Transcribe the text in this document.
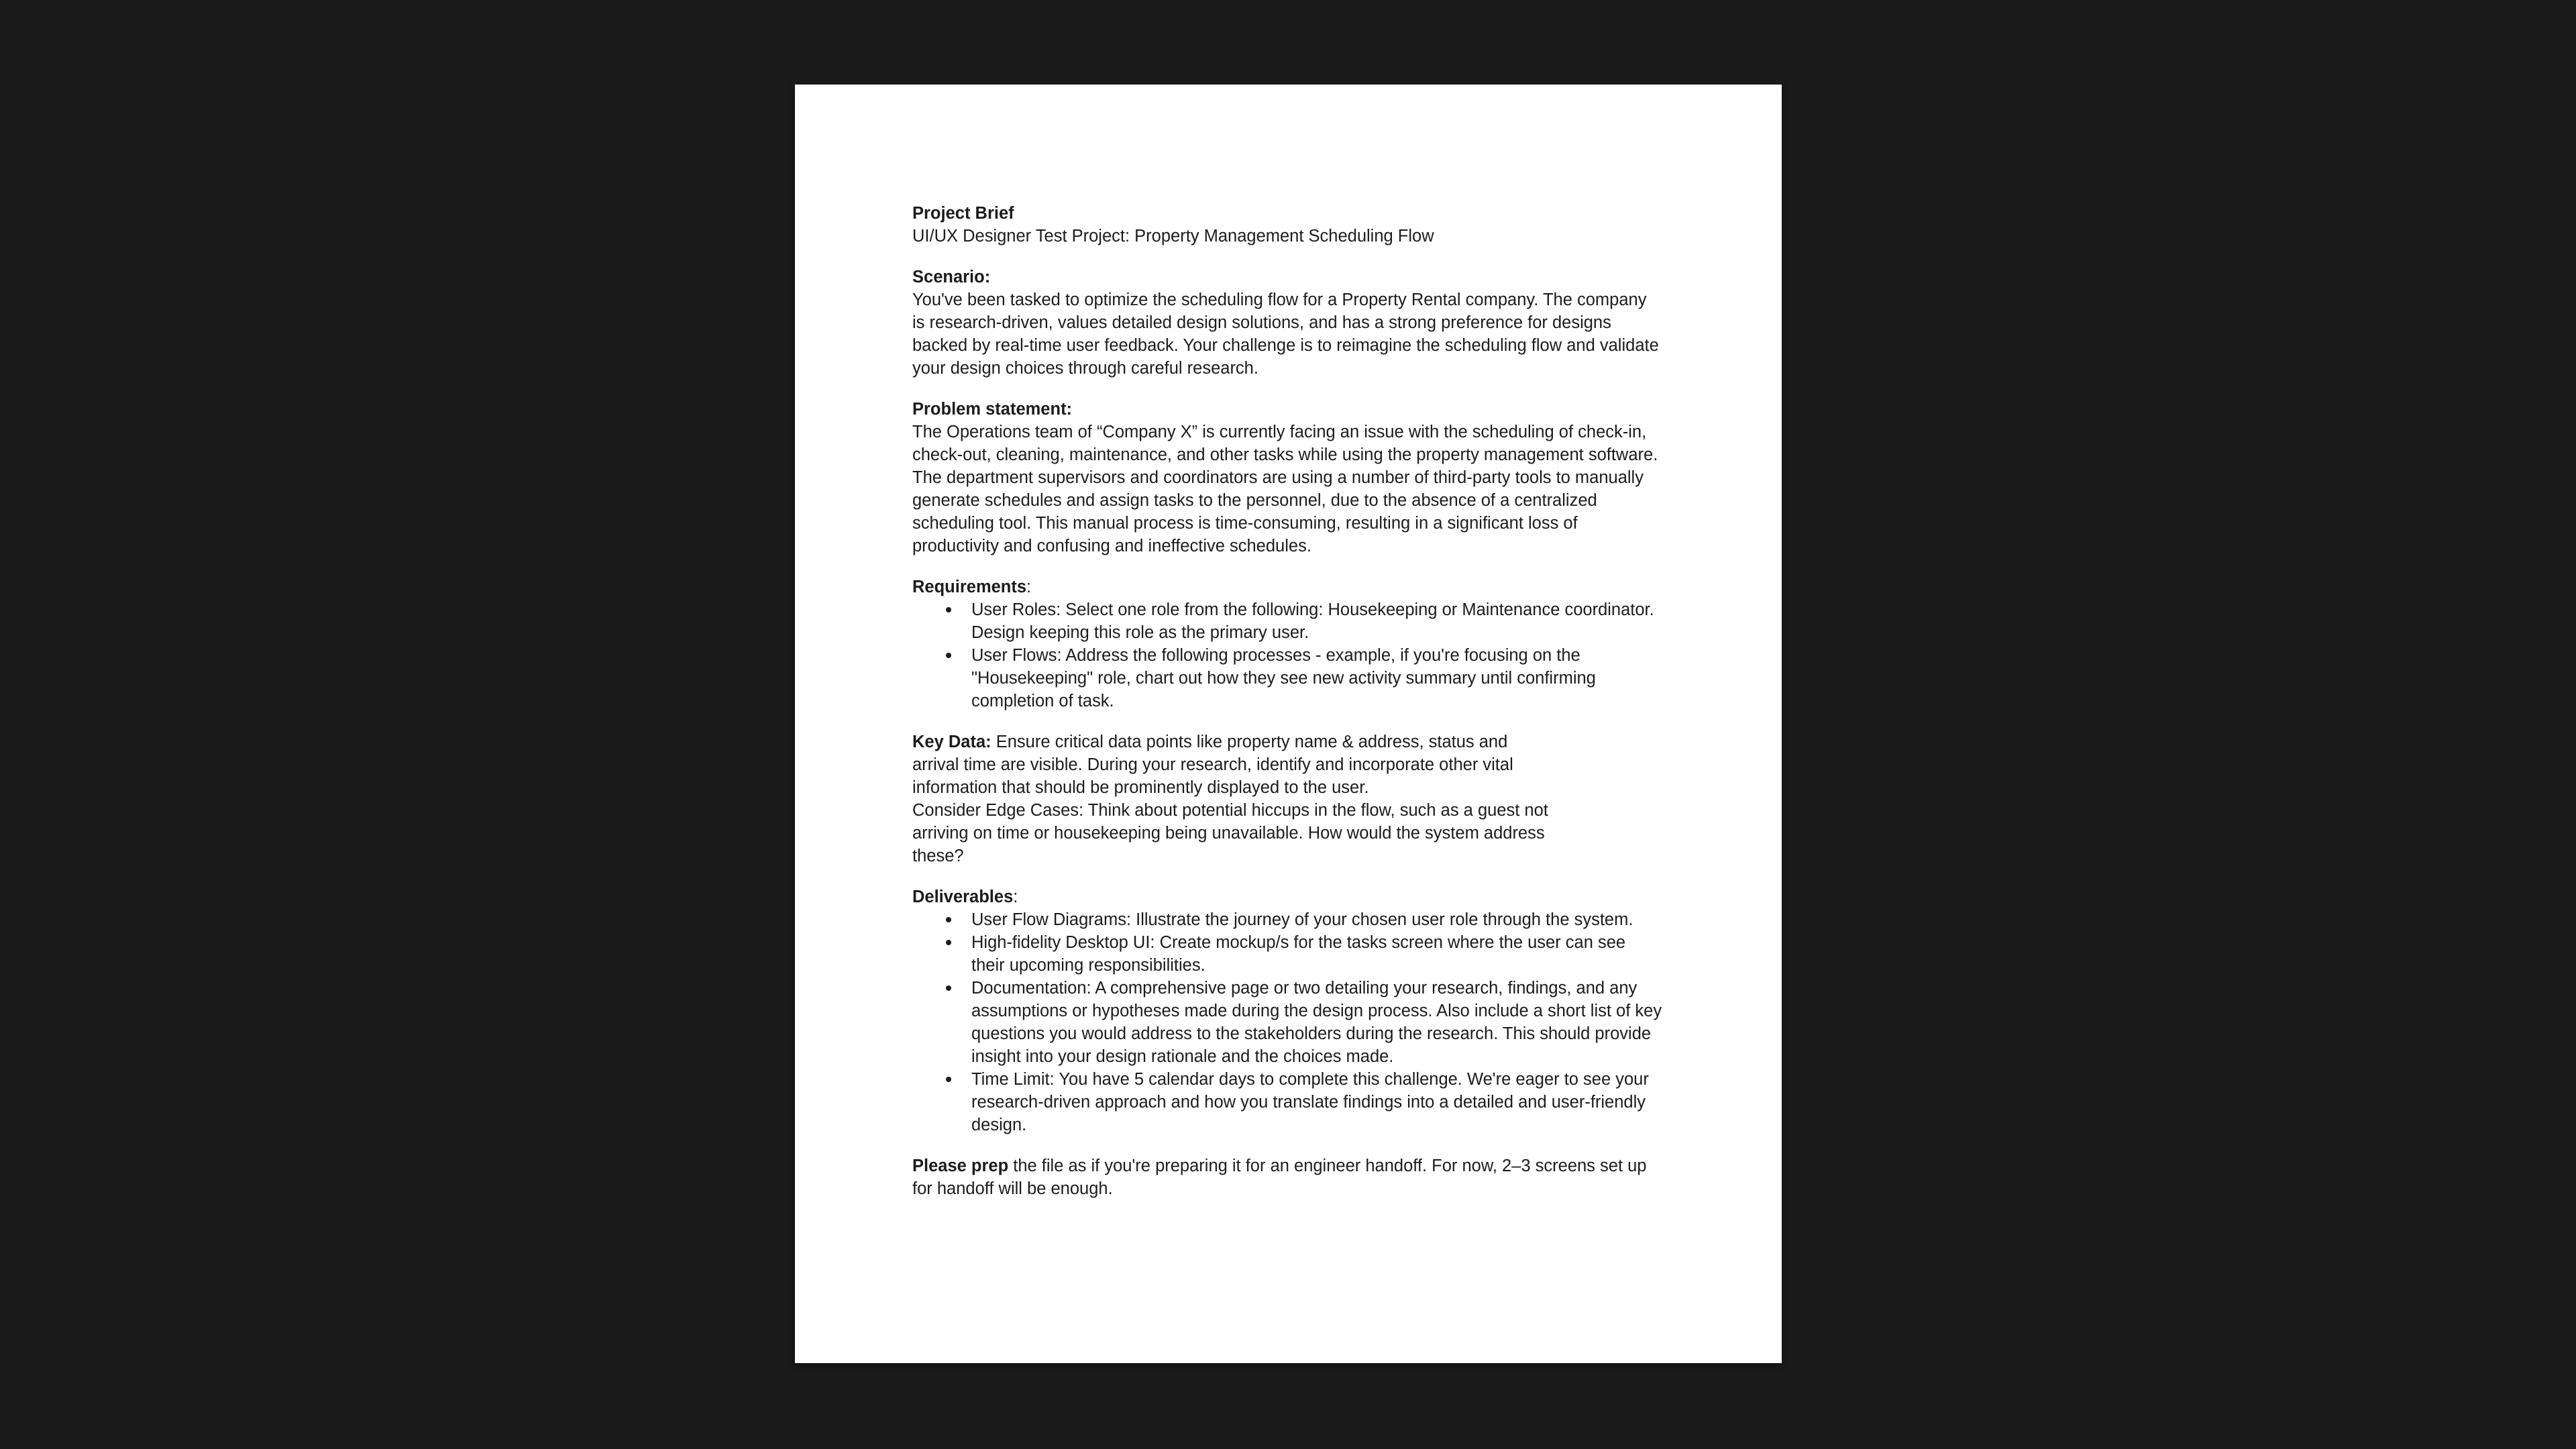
Project Brief
UI/UX Designer Test Project: Property Management Scheduling Flow
Scenario:
You've been tasked to optimize the scheduling flow for a Property Rental company. The company is research-driven, values detailed design solutions, and has a strong preference for designs backed by real-time user feedback. Your challenge is to reimagine the scheduling flow and validate your design choices through careful research.
Problem statement:
The Operations team of “Company X” is currently facing an issue with the scheduling of check-in, check-out, cleaning, maintenance, and other tasks while using the property management software. The department supervisors and coordinators are using a number of third-party tools to manually generate schedules and assign tasks to the personnel, due to the absence of a centralized scheduling tool. This manual process is time-consuming, resulting in a significant loss of productivity and confusing and ineffective schedules.
Requirements:
User Roles: Select one role from the following: Housekeeping or Maintenance coordinator. Design keeping this role as the primary user.
User Flows: Address the following processes - example, if you're focusing on the "Housekeeping" role, chart out how they see new activity summary until confirming completion of task.
Key Data: Ensure critical data points like property name & address, status and arrival time are visible. During your research, identify and incorporate other vital information that should be prominently displayed to the user.
Consider Edge Cases: Think about potential hiccups in the flow, such as a guest not arriving on time or housekeeping being unavailable. How would the system address these?
Deliverables:
User Flow Diagrams: Illustrate the journey of your chosen user role through the system.
High-fidelity Desktop UI: Create mockup/s for the tasks screen where the user can see their upcoming responsibilities.
Documentation: A comprehensive page or two detailing your research, findings, and any assumptions or hypotheses made during the design process. Also include a short list of key questions you would address to the stakeholders during the research. This should provide insight into your design rationale and the choices made.
Time Limit: You have 5 calendar days to complete this challenge. We're eager to see your research-driven approach and how you translate findings into a detailed and user-friendly design.
Please prep the file as if you're preparing it for an engineer handoff. For now, 2–3 screens set up for handoff will be enough.
